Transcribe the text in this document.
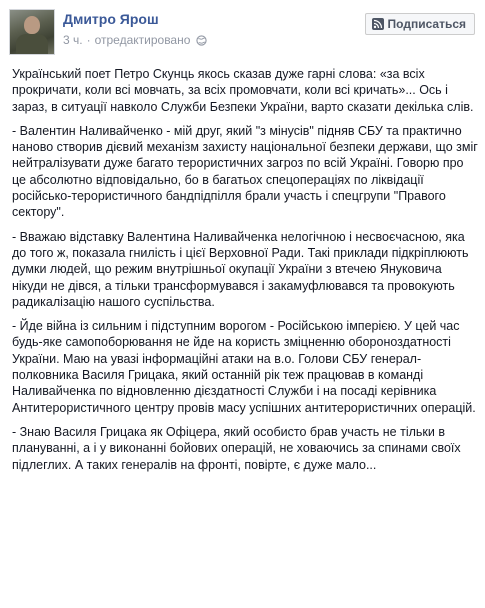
Дмитро Ярош
3 ч. · отредактировано
Подписаться

Український поет Петро Скунць якось сказав дуже гарні слова: «за всіх прокричати, коли всі мовчать, за всіх промовчати, коли всі кричать»... Ось і зараз, в ситуації навколо Служби Безпеки України, варто сказати декілька слів.

- Валентин Наливайченко - мій друг, який "з мінусів" підняв СБУ та практично наново створив дієвий механізм захисту національної безпеки держави, що зміг нейтралізувати дуже багато терористичних загроз по всій Україні. Говорю про це абсолютно відповідально, бо в багатьох спецопераціях по ліквідації російсько-терористичного бандпідпілля брали участь і спецгрупи "Правого сектору".

- Вважаю відставку Валентина Наливайченка нелогічною і несвоєчасною, яка до того ж, показала гнилість і цієї Верховної Ради. Такі приклади підкріплюють думки людей, що режим внутрішньої окупації України з втечею Януковича нікуди не дівся, а тільки трансформувався і закамуфлювався та провокують радикалізацію нашого суспільства.

- Йде війна із сильним і підступним ворогом - Російською імперією. У цей час будь-яке самопоборювання не йде на користь зміцненню обороноздатності України. Маю на увазі інформаційні атаки на в.о. Голови СБУ генерал-полковника Василя Грицака, який останній рік теж працював в команді Наливайченка по відновленню дієздатності Служби і на посаді керівника Антитерористичного центру провів масу успішних антитерористичних операцій.

- Знаю Василя Грицака як Офіцера, який особисто брав участь не тільки в плануванні, а і у виконанні бойових операцій, не ховаючись за спинами своїх підлеглих. А таких генералів на фронті, повірте, є дуже мало...
